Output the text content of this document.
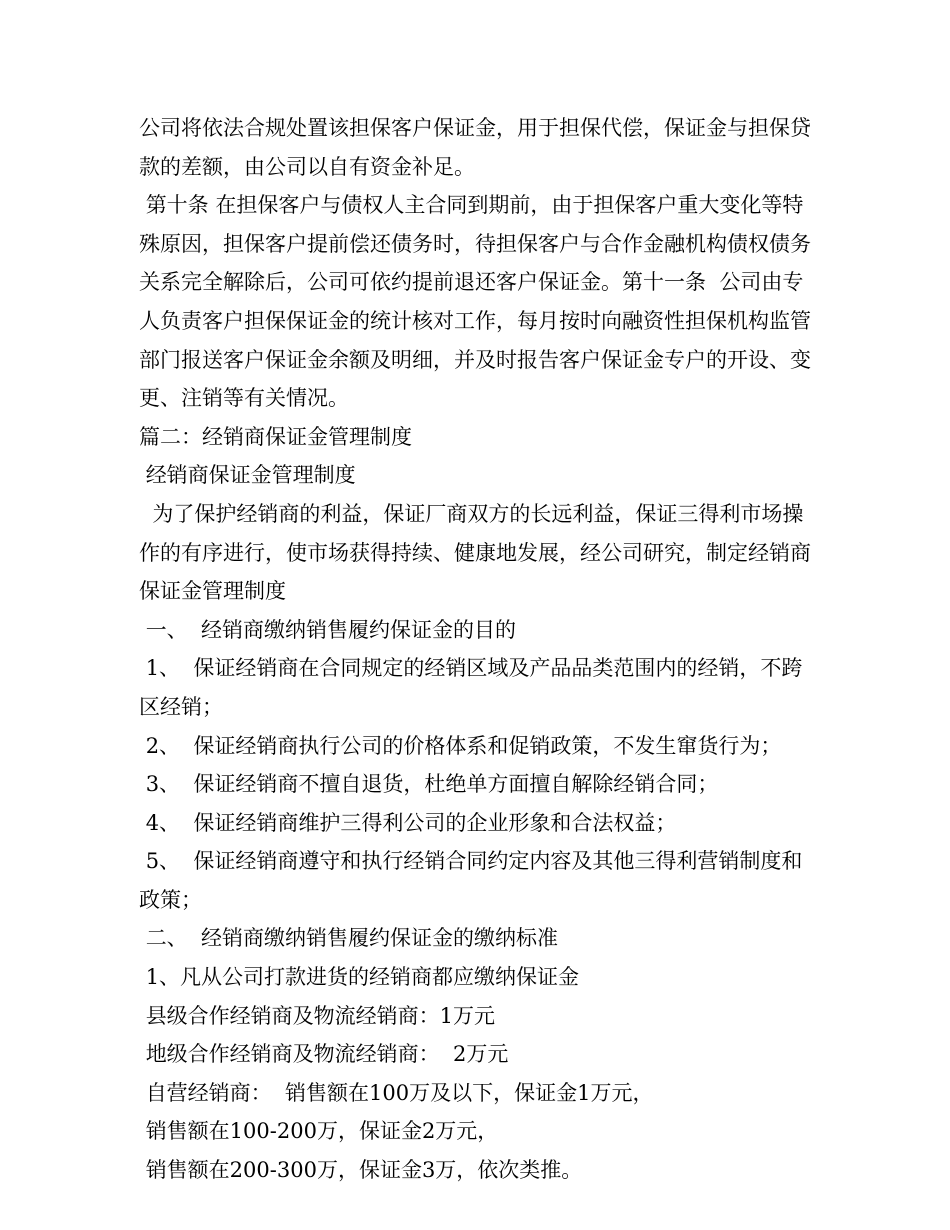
公司将依法合规处置该担保客户保证金，用于担保代偿，保证金与担保贷款的差额，由公司以自有资金补足。

第十条 在担保客户与债权人主合同到期前，由于担保客户重大变化等特殊原因，担保客户提前偿还债务时，待担保客户与合作金融机构债权债务关系完全解除后，公司可依约提前退还客户保证金。第十一条  公司由专人负责客户担保保证金的统计核对工作，每月按时向融资性担保机构监管部门报送客户保证金余额及明细，并及时报告客户保证金专户的开设、变更、注销等有关情况。

篇二：经销商保证金管理制度

经销商保证金管理制度

为了保护经销商的利益，保证厂商双方的长远利益，保证三得利市场操作的有序进行，使市场获得持续、健康地发展，经公司研究，制定经销商保证金管理制度

一、  经销商缴纳销售履约保证金的目的

1、  保证经销商在合同规定的经销区域及产品品类范围内的经销，不跨区经销；

2、  保证经销商执行公司的价格体系和促销政策，不发生窜货行为；

3、  保证经销商不擅自退货，杜绝单方面擅自解除经销合同；

4、  保证经销商维护三得利公司的企业形象和合法权益；

5、  保证经销商遵守和执行经销合同约定内容及其他三得利营销制度和政策；

二、  经销商缴纳销售履约保证金的缴纳标准

1、凡从公司打款进货的经销商都应缴纳保证金

县级合作经销商及物流经销商：1万元

地级合作经销商及物流经销商：  2万元

自营经销商：  销售额在100万及以下，保证金1万元，

销售额在100-200万，保证金2万元，

销售额在200-300万，保证金3万，依次类推。
